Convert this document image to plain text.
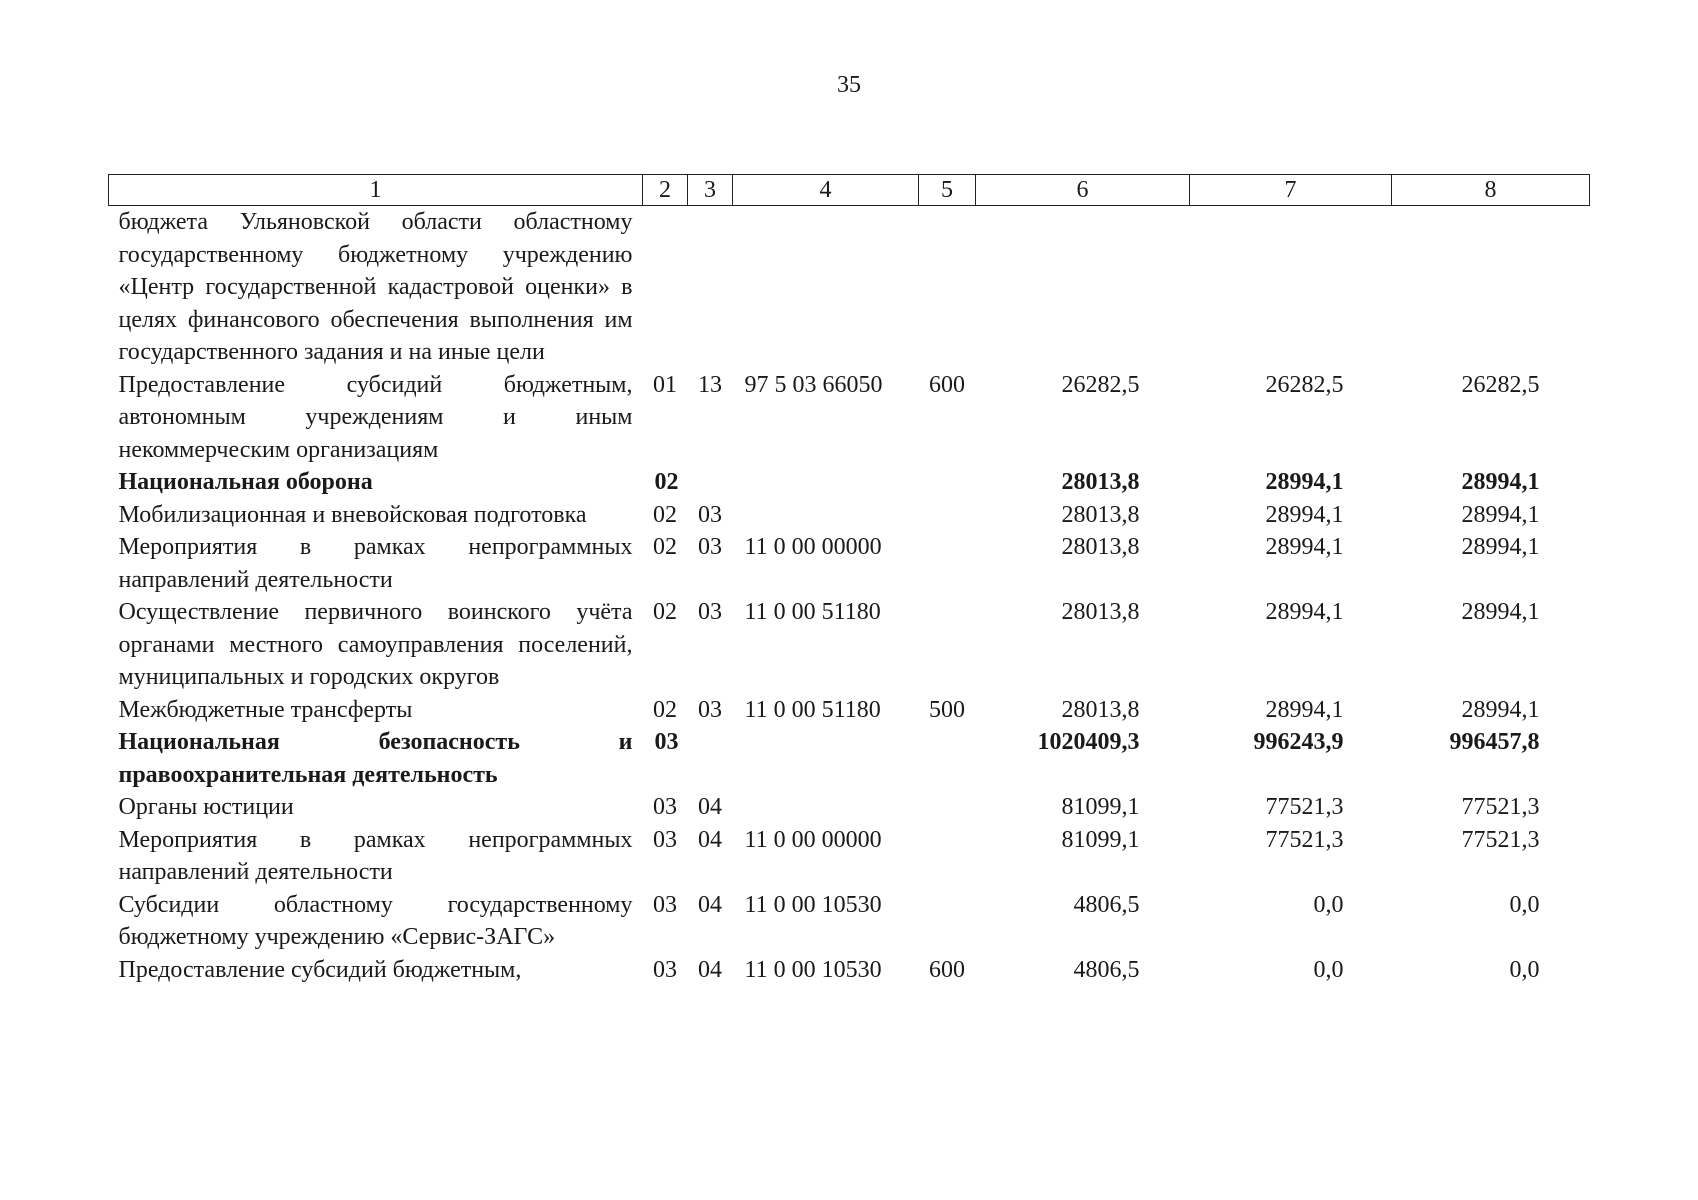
35
1	2	3	4	5	6	7	8
бюджета Ульяновской области областному государственному бюджетному учреждению «Центр государственной кадастровой оценки» в целях финансового обеспечения выполнения им государственного задания и на иные цели							
Предоставление субсидий бюджетным, автономным учреждениям и иным некоммерческим организациям	01	13	97 5 03 66050	600	26282,5	26282,5	26282,5
Национальная оборона	02				28013,8	28994,1	28994,1
Мобилизационная и вневойсковая подготовка	02	03			28013,8	28994,1	28994,1
Мероприятия в рамках непрограммных направлений деятельности	02	03	11 0 00 00000		28013,8	28994,1	28994,1
Осуществление первичного воинского учёта органами местного самоуправления поселений, муниципальных и городских округов	02	03	11 0 00 51180		28013,8	28994,1	28994,1
Межбюджетные трансферты	02	03	11 0 00 51180	500	28013,8	28994,1	28994,1
Национальная безопасность и правоохранительная деятельность	03				1020409,3	996243,9	996457,8
Органы юстиции	03	04			81099,1	77521,3	77521,3
Мероприятия в рамках непрограммных направлений деятельности	03	04	11 0 00 00000		81099,1	77521,3	77521,3
Субсидии областному государственному бюджетному учреждению «Сервис-ЗАГС»	03	04	11 0 00 10530		4806,5	0,0	0,0
Предоставление субсидий бюджетным,	03	04	11 0 00 10530	600	4806,5	0,0	0,0
